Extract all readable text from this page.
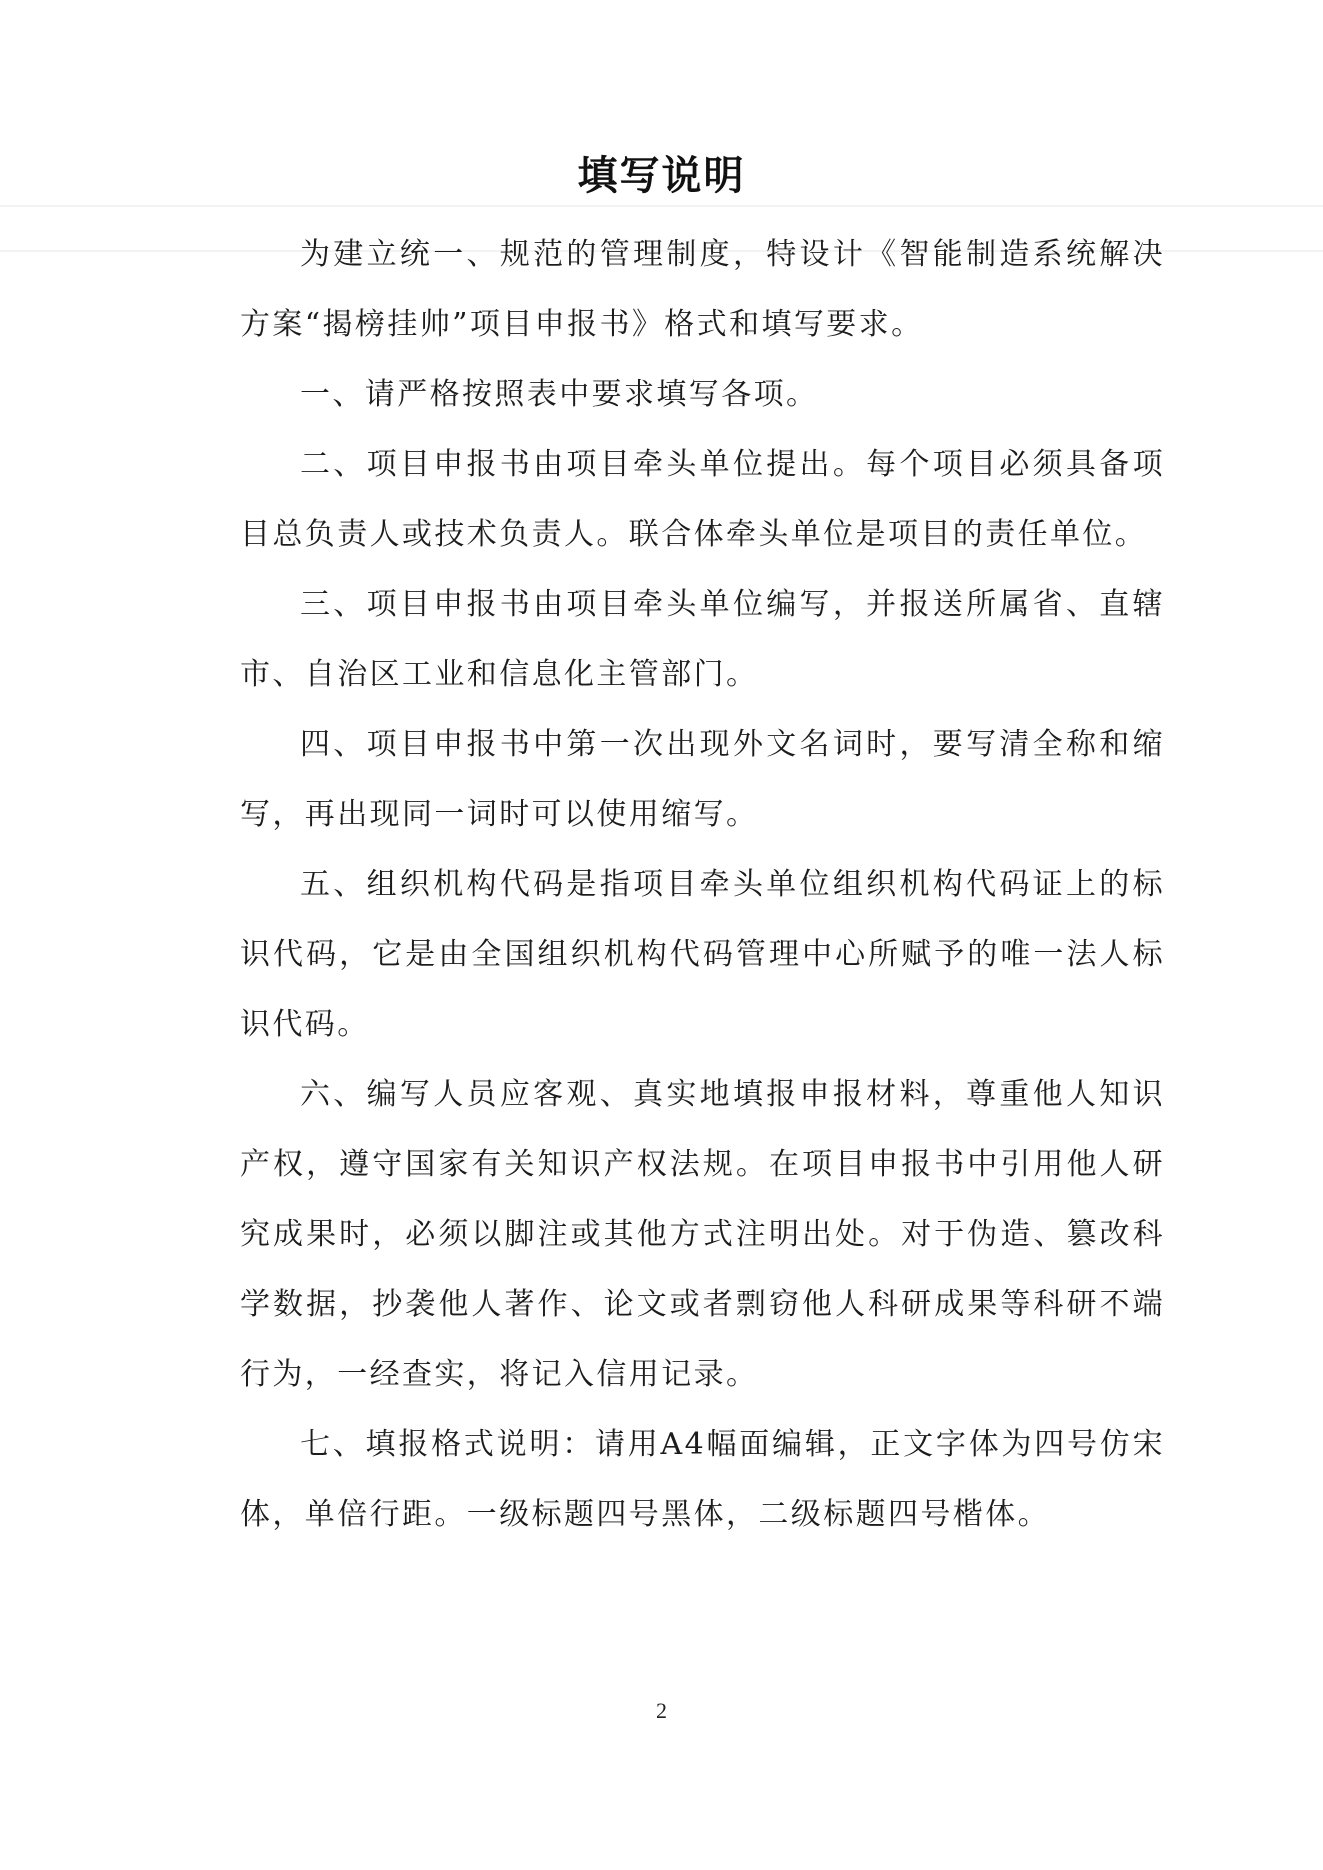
填写说明

为建立统一、规范的管理制度，特设计《智能制造系统解决方案“揭榜挂帅”项目申报书》格式和填写要求。

一、请严格按照表中要求填写各项。

二、项目申报书由项目牵头单位提出。每个项目必须具备项目总负责人或技术负责人。联合体牵头单位是项目的责任单位。

三、项目申报书由项目牵头单位编写，并报送所属省、直辖市、自治区工业和信息化主管部门。

四、项目申报书中第一次出现外文名词时，要写清全称和缩写，再出现同一词时可以使用缩写。

五、组织机构代码是指项目牵头单位组织机构代码证上的标识代码，它是由全国组织机构代码管理中心所赋予的唯一法人标识代码。

六、编写人员应客观、真实地填报申报材料，尊重他人知识产权，遵守国家有关知识产权法规。在项目申报书中引用他人研究成果时，必须以脚注或其他方式注明出处。对于伪造、篡改科学数据，抄袭他人著作、论文或者剽窃他人科研成果等科研不端行为，一经查实，将记入信用记录。

七、填报格式说明：请用A4幅面编辑，正文字体为四号仿宋体，单倍行距。一级标题四号黑体，二级标题四号楷体。

2
